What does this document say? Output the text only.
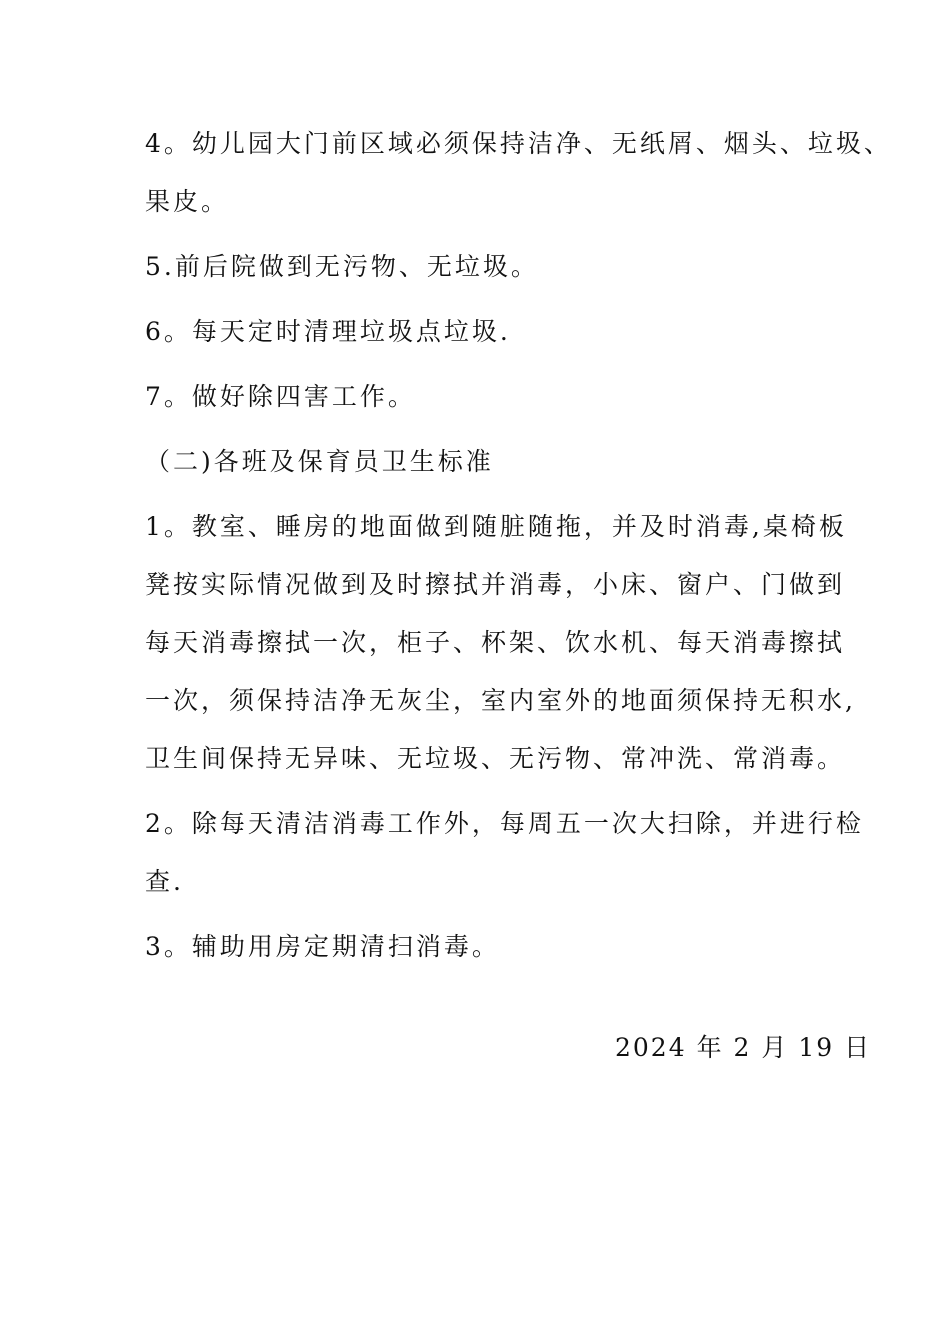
4。幼儿园大门前区域必须保持洁净、无纸屑、烟头、垃圾、
果皮。
5.前后院做到无污物、无垃圾。
6。每天定时清理垃圾点垃圾.
7。做好除四害工作。
（二)各班及保育员卫生标准
1。教室、睡房的地面做到随脏随拖，并及时消毒,桌椅板
凳按实际情况做到及时擦拭并消毒，小床、窗户、门做到
每天消毒擦拭一次，柜子、杯架、饮水机、每天消毒擦拭
一次，须保持洁净无灰尘，室内室外的地面须保持无积水,
卫生间保持无异味、无垃圾、无污物、常冲洗、常消毒。
2。除每天清洁消毒工作外，每周五一次大扫除，并进行检
查.
3。辅助用房定期清扫消毒。
2024 年 2 月 19 日
